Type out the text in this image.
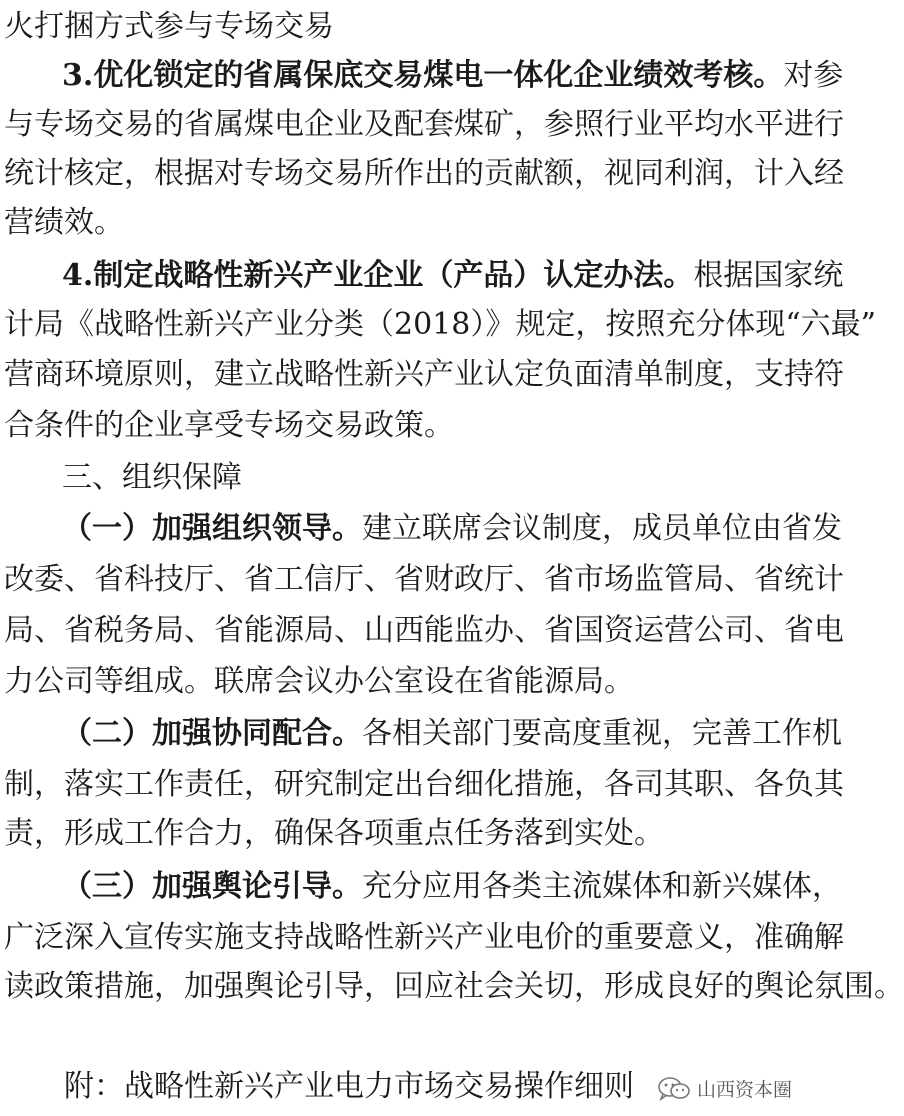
火打捆方式参与专场交易
3.优化锁定的省属保底交易煤电一体化企业绩效考核。对参
与专场交易的省属煤电企业及配套煤矿，参照行业平均水平进行
统计核定，根据对专场交易所作出的贡献额，视同利润，计入经
营绩效。
4.制定战略性新兴产业企业（产品）认定办法。根据国家统
计局《战略性新兴产业分类（2018）》规定，按照充分体现“六最”
营商环境原则，建立战略性新兴产业认定负面清单制度，支持符
合条件的企业享受专场交易政策。
三、组织保障
（一）加强组织领导。建立联席会议制度，成员单位由省发
改委、省科技厅、省工信厅、省财政厅、省市场监管局、省统计
局、省税务局、省能源局、山西能监办、省国资运营公司、省电
力公司等组成。联席会议办公室设在省能源局。
（二）加强协同配合。各相关部门要高度重视，完善工作机
制，落实工作责任，研究制定出台细化措施，各司其职、各负其
责，形成工作合力，确保各项重点任务落到实处。
（三）加强舆论引导。充分应用各类主流媒体和新兴媒体，
广泛深入宣传实施支持战略性新兴产业电价的重要意义，准确解
读政策措施，加强舆论引导，回应社会关切，形成良好的舆论氛围。
附：战略性新兴产业电力市场交易操作细则	山西资本圈
